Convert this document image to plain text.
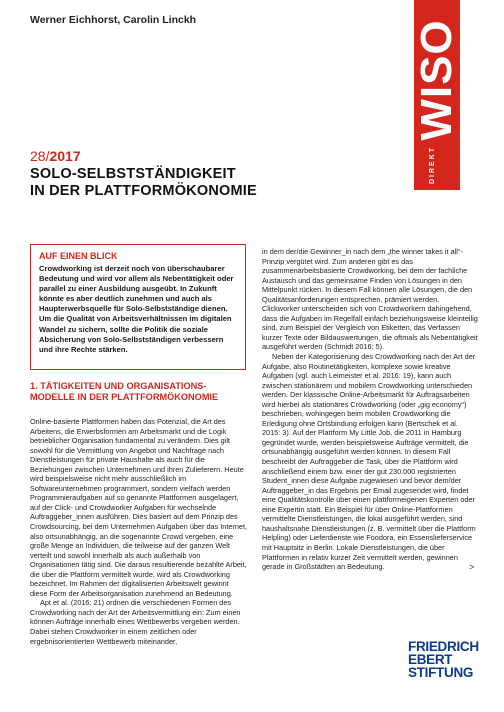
Werner Eichhorst, Carolin Linckh	WISO
DIREKT
28/2017
SOLO-SELBSTSTÄNDIGKEIT
IN DER PLATTFORMÖKONOMIE
AUF EINEN BLICK

Crowdworking ist derzeit noch von überschaubarer Bedeutung und wird vor allem als Nebentätigkeit oder parallel zu einer Ausbildung ausgeübt. In Zukunft könnte es aber deutlich zunehmen und auch als Haupterwerbsquelle für Solo-Selbstständige dienen. Um die Qualität von Arbeitsverhältnissen im digitalen Wandel zu sichern, sollte die Politik die soziale Absicherung von Solo-Selbstständigen verbessern und ihre Rechte stärken.

1. TÄTIGKEITEN UND ORGANISATIONS-MODELLE IN DER PLATTFORMÖKONOMIE

Online-basierte Plattformen haben das Potenzial, die Art des Arbeitens, die Erwerbsformen am Arbeitsmarkt und die Logik betrieblicher Organisation fundamental zu verändern. Dies gilt sowohl für die Vermittlung von Angebot und Nachfrage nach Dienstleistungen für private Haushalte als auch für die Beziehungen zwischen Unternehmen und ihren Zulieferern. Heute wird beispielsweise nicht mehr ausschließlich im Softwareunternehmen programmiert, sondern vielfach werden Programmieraufgaben auf so genannte Plattformen ausgelagert, auf der Click- und Crowdworker Aufgaben für wechselnde Auftraggeber_innen ausführen. Dies basiert auf dem Prinzip des Crowdsourcing, bei dem Unternehmen Aufgaben über das Internet, also ortsunabhängig, an die sogenannte Crowd vergeben, eine große Menge an Individuen, die teilweise auf der ganzen Welt verteilt und sowohl innerhalb als auch außerhalb von Organisationen tätig sind. Die daraus resultierende bezahlte Arbeit, die über die Plattform vermittelt wurde, wird als Crowdworking bezeichnet. Im Rahmen der digitalisierten Arbeitswelt gewinnt diese Form der Arbeitsorganisation zunehmend an Bedeutung.

Apt et al. (2016: 21) ordnen die verschiedenen Formen des Crowdworking nach der Art der Arbeitsvermittlung ein: Zum einen können Aufträge innerhalb eines Wettbewerbs vergeben werden. Dabei stehen Crowdworker in einem zeitlichen oder ergebnisorientierten Wettbewerb miteinander,

in dem der/die Gewinner_in nach dem „the winner takes it all“-Prinzip vergütet wird. Zum anderen gibt es das zusammenarbeitsbasierte Crowdworking, bei dem der fachliche Austausch und das gemeinsame Finden von Lösungen in den Mittelpunkt rücken. In diesem Fall können alle Lösungen, die den Qualitätsanforderungen entsprechen, prämiert werden. Clickworker unterscheiden sich von Crowdworkern dahingehend, dass die Aufgaben im Regelfall einfach beziehungsweise kleinteilig sind, zum Beispiel der Vergleich von Etiketten, das Verfassen kurzer Texte oder Bildauswertungen, die oftmals als Nebentätigkeit ausgeführt werden (Schmidt 2016: 5).

Neben der Kategorisierung des Crowdworking nach der Art der Aufgabe, also Routinetätigkeiten, komplexe sowie kreative Aufgaben (vgl. auch Leimeister et al. 2016: 19), kann auch zwischen stationärem und mobilem Crowdworking unterschieden werden. Der klassische Online-Arbeitsmarkt für Auftragsarbeiten wird hierbei als stationäres Crowdworking (oder „gig economy“) beschrieben, wohingegen beim mobilen Crowdworking die Erledigung ohne Ortsbindung erfolgen kann (Bertschek et al. 2015: 3). Auf der Plattform My Little Job, die 2011 in Hamburg gegründet wurde, werden beispielsweise Aufträge vermittelt, die ortsunabhängig ausgeführt werden können. In diesem Fall beschreibt der Auftraggeber die Task, über die Plattform wird anschließend einem bzw. einer der gut 230.000 registrierten Student_innen diese Aufgabe zugewiesen und bevor dem/der Auftraggeber_in das Ergebnis per Email zugesendet wird, findet eine Qualitätskontrolle über einen plattformeigenen Experten oder eine Expertin statt. Ein Beispiel für über Online-Plattformen vermittelte Dienstleistungen, die lokal ausgeführt werden, sind haushaltsnahe Dienstleistungen (z. B. vermittelt über die Plattform Helpling) oder Lieferdienste wie Foodora, ein Essenslieferservice mit Hauptsitz in Berlin. Lokale Dienstleistungen, die über Plattformen in relativ kurzer Zeit vermittelt werden, gewinnen gerade in Großstädten an Bedeutung.	>
FRIEDRICH
EBERT
STIFTUNG
